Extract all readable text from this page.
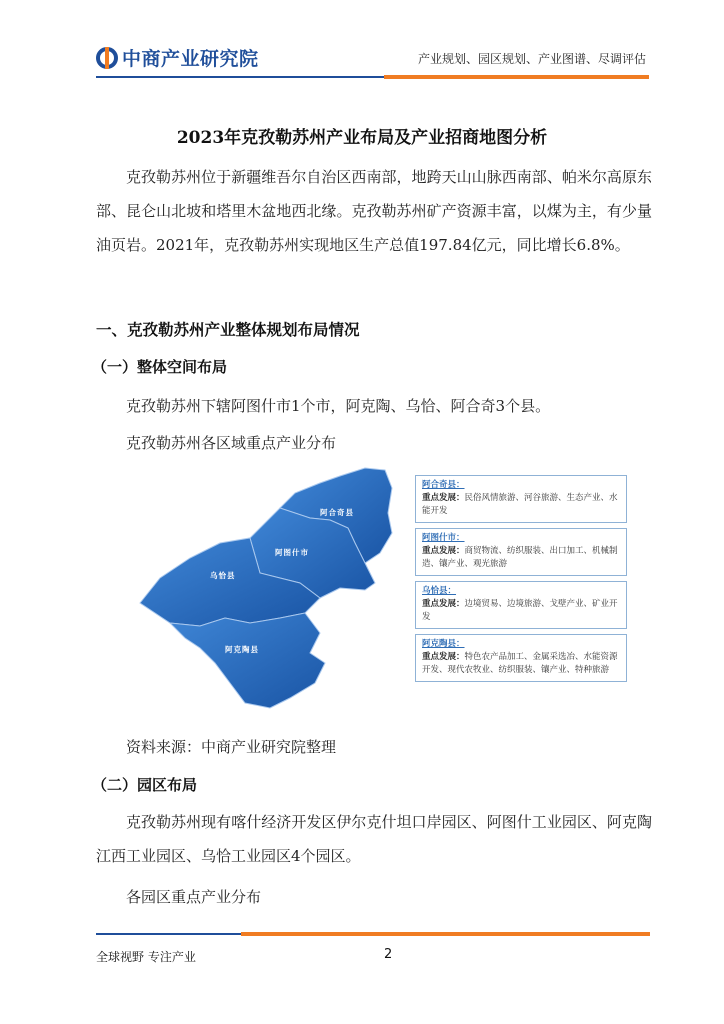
中商产业研究院	产业规划、园区规划、产业图谱、尽调评估
2023年克孜勒苏州产业布局及产业招商地图分析
克孜勒苏州位于新疆维吾尔自治区西南部，地跨天山山脉西南部、帕米尔高原东部、昆仑山北坡和塔里木盆地西北缘。克孜勒苏州矿产资源丰富，以煤为主，有少量油页岩。2021年，克孜勒苏州实现地区生产总值197.84亿元，同比增长6.8%。
一、克孜勒苏州产业整体规划布局情况
（一）整体空间布局
克孜勒苏州下辖阿图什市1个市，阿克陶、乌恰、阿合奇3个县。
克孜勒苏州各区域重点产业分布
阿合奇县
阿图什市
乌恰县
阿克陶县
阿合奇县：
重点发展：民俗风情旅游、河谷旅游、生态产业、水能开发
阿图什市：
重点发展：商贸物流、纺织服装、出口加工、机械制造、镶产业、观光旅游
乌恰县：
重点发展：边境贸易、边境旅游、戈壁产业、矿业开发
阿克陶县：
重点发展：特色农产品加工、金属采选冶、水能资源开发、现代农牧业、纺织服装、镶产业、特种旅游
资料来源：中商产业研究院整理
（二）园区布局
克孜勒苏州现有喀什经济开发区伊尔克什坦口岸园区、阿图什工业园区、阿克陶江西工业园区、乌恰工业园区4个园区。
各园区重点产业分布
全球视野 专注产业	2
